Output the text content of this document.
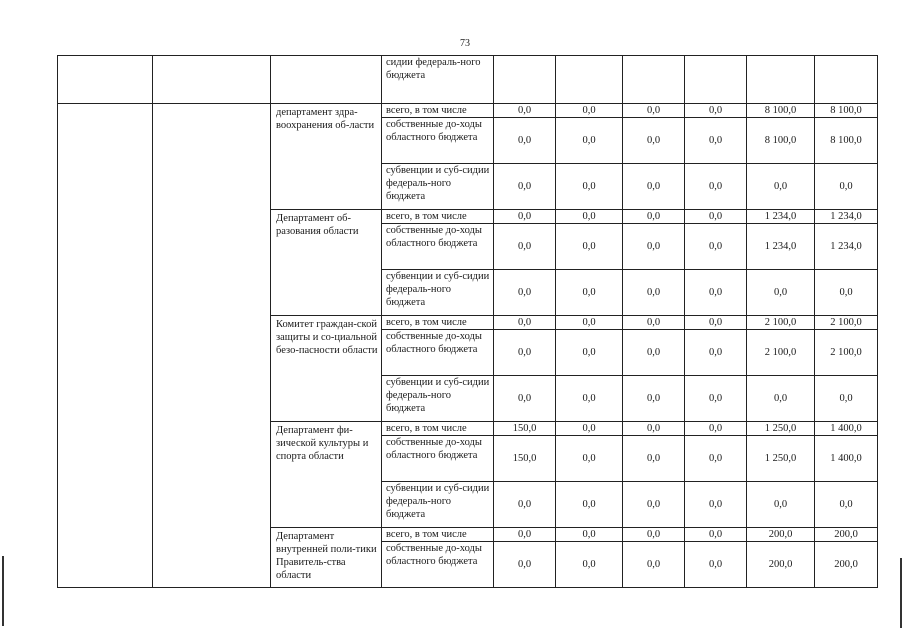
73
			сидии федераль-ного бюджета						
		департамент здра-воохранения об-ласти	всего, в том числе	0,0	0,0	0,0	0,0	8 100,0	8 100,0
			собственные до-ходы областного бюджета	0,0	0,0	0,0	0,0	8 100,0	8 100,0
			субвенции и суб-сидии федераль-ного бюджета	0,0	0,0	0,0	0,0	0,0	0,0
		Департамент об-разования области	всего, в том числе	0,0	0,0	0,0	0,0	1 234,0	1 234,0
			собственные до-ходы областного бюджета	0,0	0,0	0,0	0,0	1 234,0	1 234,0
			субвенции и суб-сидии федераль-ного бюджета	0,0	0,0	0,0	0,0	0,0	0,0
		Комитет граждан-ской защиты и со-циальной безо-пасности области	всего, в том числе	0,0	0,0	0,0	0,0	2 100,0	2 100,0
			собственные до-ходы областного бюджета	0,0	0,0	0,0	0,0	2 100,0	2 100,0
			субвенции и суб-сидии федераль-ного бюджета	0,0	0,0	0,0	0,0	0,0	0,0
		Департамент фи-зической культуры и спорта области	всего, в том числе	150,0	0,0	0,0	0,0	1 250,0	1 400,0
			собственные до-ходы областного бюджета	150,0	0,0	0,0	0,0	1 250,0	1 400,0
			субвенции и суб-сидии федераль-ного бюджета	0,0	0,0	0,0	0,0	0,0	0,0
		Департамент внутренней поли-тики Правитель-ства области	всего, в том числе	0,0	0,0	0,0	0,0	200,0	200,0
			собственные до-ходы областного бюджета	0,0	0,0	0,0	0,0	200,0	200,0
